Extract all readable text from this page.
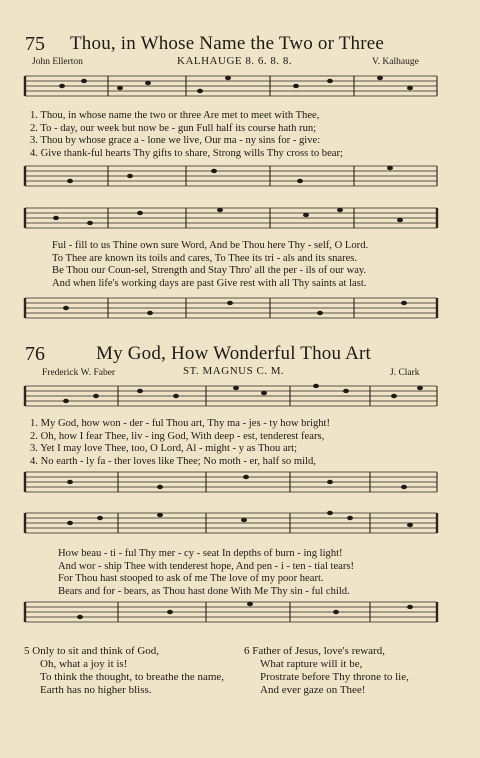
75 Thou, in Whose Name the Two or Three
John Ellerton	KALHAUGE 8. 6. 8. 8.	V. Kalhauge
1. Thou, in whose name the two or three Are met to meet with Thee,
2. To - day, our week but now be - gun Full half its course hath run;
3. Thou by whose grace a - lone we live, Our ma - ny sins for - give:
4. Give thank-ful hearts Thy gifts to share, Strong wills Thy cross to bear;
Ful - fill to us Thine own sure Word, And be Thou here Thy - self, O Lord.
To Thee are known its toils and cares, To Thee its tri - als and its snares.
Be Thou our Coun-sel, Strength and Stay Thro' all the per - ils of our way.
And when life's working days are past Give rest with all Thy saints at last.
76	My God, How Wonderful Thou Art
Frederick W. Faber	ST. MAGNUS C. M.	J. Clark
1. My God, how won - der - ful Thou art, Thy ma - jes - ty how bright!
2. Oh, how I fear Thee, liv - ing God, With deep - est, tenderest fears,
3. Yet I may love Thee, too, O Lord, Al - might - y as Thou art;
4. No earth - ly fa - ther loves like Thee; No moth - er, half so mild,
How beau - ti - ful Thy mer - cy - seat In depths of burn - ing light!
And wor - ship Thee with tenderest hope, And pen - i - ten - tial tears!
For Thou hast stooped to ask of me The love of my poor heart.
Bears and for - bears, as Thou hast done With Me Thy sin - ful child.
5 Only to sit and think of God,
Oh, what a joy it is!
To think the thought, to breathe the name,
Earth has no higher bliss.
6 Father of Jesus, love's reward,
What rapture will it be,
Prostrate before Thy throne to lie,
And ever gaze on Thee!
